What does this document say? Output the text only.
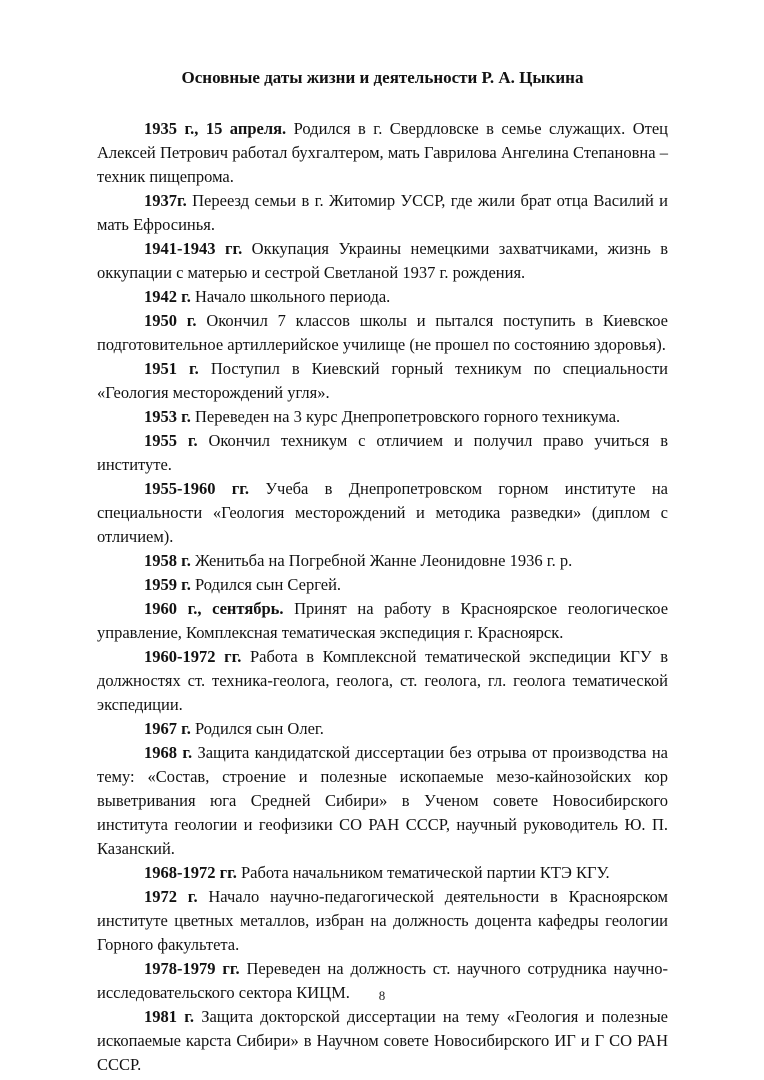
Основные даты жизни и деятельности Р. А. Цыкина

1935 г., 15 апреля. Родился в г. Свердловске в семье служащих. Отец Алексей Петрович работал бухгалтером, мать Гаврилова Ангелина Степановна – техник пищепрома.

1937г. Переезд семьи в г. Житомир УССР, где жили брат отца Василий и мать Ефросинья.

1941-1943 гг. Оккупация Украины немецкими захватчиками, жизнь в оккупации с матерью и сестрой Светланой 1937 г. рождения.

1942 г. Начало школьного периода.

1950 г. Окончил 7 классов школы и пытался поступить в Киевское подготовительное артиллерийское училище (не прошел по состоянию здоровья).

1951 г. Поступил в Киевский горный техникум по специальности «Геология месторождений угля».

1953 г. Переведен на 3 курс Днепропетровского горного техникума.

1955 г. Окончил техникум с отличием и получил право учиться в институте.

1955-1960 гг. Учеба в Днепропетровском горном институте на специальности «Геология месторождений и методика разведки» (диплом с отличием).

1958 г. Женитьба на Погребной Жанне Леонидовне 1936 г. р.

1959 г. Родился сын Сергей.

1960 г., сентябрь. Принят на работу в Красноярское геологическое управление, Комплексная тематическая экспедиция г. Красноярск.

1960-1972 гг. Работа в Комплексной тематической экспедиции КГУ в должностях ст. техника-геолога, геолога, ст. геолога, гл. геолога тематической экспедиции.

1967 г. Родился сын Олег.

1968 г. Защита кандидатской диссертации без отрыва от производства на тему: «Состав, строение и полезные ископаемые мезо-кайнозойских кор выветривания юга Средней Сибири» в Ученом совете Новосибирского института геологии и геофизики СО РАН СССР, научный руководитель Ю. П. Казанский.

1968-1972 гг. Работа начальником тематической партии КТЭ КГУ.

1972 г. Начало научно-педагогической деятельности в Красноярском институте цветных металлов, избран на должность доцента кафедры геологии Горного факультета.

1978-1979 гг. Переведен на должность ст. научного сотрудника научно-исследовательского сектора КИЦМ.

1981 г. Защита докторской диссертации на тему «Геология и полезные ископаемые карста Сибири» в Научном совете Новосибирского ИГ и Г СО РАН СССР.

8
